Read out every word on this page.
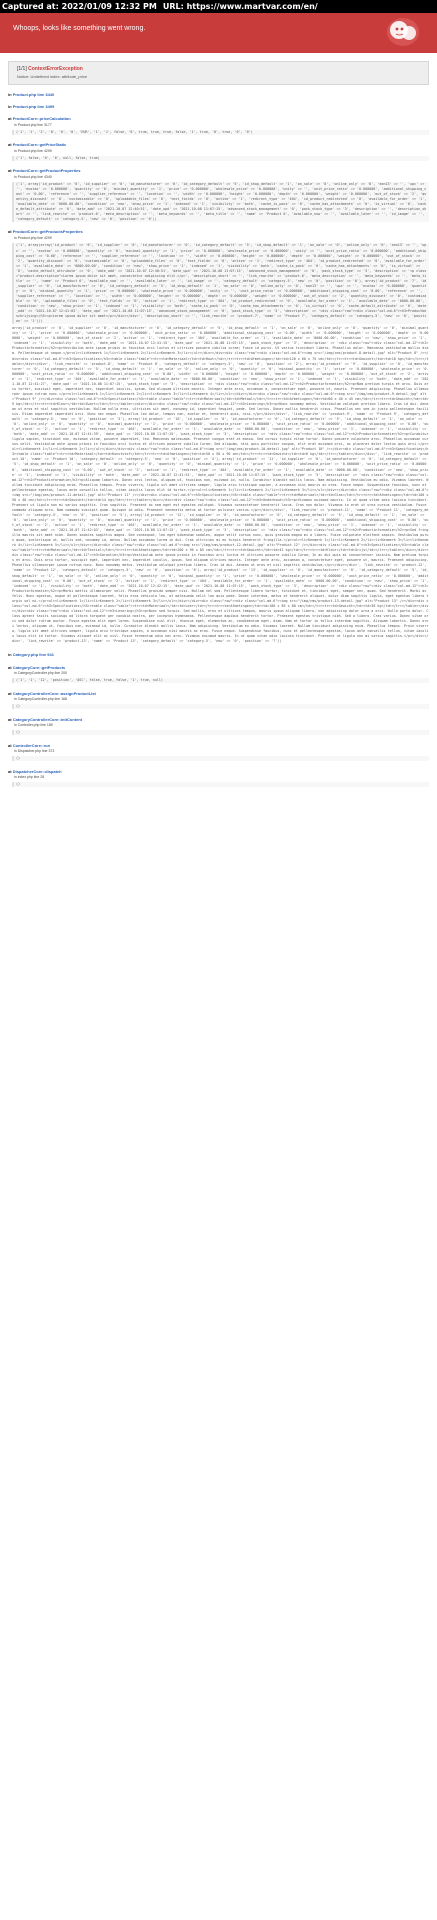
Captured at:
2022/01/09 12:32 PM URL:
https://www.martvar.com/en/
Whoops, looks like something went wrong.
[1/1] ContextErrorException
Notice: Undefined index: attribute_price
in Product.php line 3440
in Product.php line 3499
at ProductCore::priceCalculation
in Product.php line 3177
('1', '1', '2', '0', '0', '0', 'EUR', '1', '1', false, '6', true, true, true, false, '1', true, '0', true, '0', '0')
at ProductCore::getPriceStatic
in Product.php line 4299
('1', false, '0', '6', null, false, true)
at ProductCore::getProductProperties
in Product.php line 4340
('1', array('id_product' => '6', 'id_supplier' => '0', 'id_manufacturer' => '0', 'id_category_default' => '5', 'id_shop_default' => '1', 'on_sale' => '0', 'online_only' => '0', 'ean13' => '', 'upc' => '', 'ecotax' => '0.000000', 'quantity' => '0', 'minimal_quantity' => '1', 'price' => '0.000000', 'wholesale_price' => '0.000000', 'unity' => '', 'unit_price_ratio' => '0.000000', 'additional_shipping_cost' => '0.00', 'reference' => '', 'supplier_reference' => '', 'location' => '', 'width' => '0.000000', 'height' => '0.000000', 'depth' => '0.000000', 'weight' => '0.000000', 'out_of_stock' => '2', 'quantity_discount' => '0', 'customizable' => '0', 'uploadable_files' => '0', 'text_fields' => '0', 'active' => '1', 'redirect_type' => '404', 'id_product_redirected' => '0', 'available_for_order' => '1', 'available_date' => '0000-00-00', 'condition' => 'new', 'show_price' => '1', 'indexed' => '1', 'visibility' => 'both', 'cache_is_pack' => '0', 'cache_has_attachments' => '0', 'is_virtual' => '0', 'cache_default_attribute' => '0', 'date_add' => '2021-10-07 12:40:51', 'date_upd' => '2021-10-08 11:07:15', 'advanced_stock_management' => '0', 'pack_stock_type' => '3', 'description' => '', 'description_short' => '', 'link_rewrite' => 'product-6', 'meta_description' => '', 'meta_keywords' => '', 'meta_title' => '', 'name' => 'Product 6', 'available_now' => '', 'available_later' => '', 'id_image' => '', 'category_default' => 'category-5', 'new' => '0', 'position' => '0'))
at ProductCore::getProductsProperties
in Product.php line 4299
('1', array(array('id_product' => '6', 'id_supplier' => '0', 'id_manufacturer' => '0', 'id_category_default' => '5', 'id_shop_default' => '1', 'on_sale' => '0', 'online_only' => '0', 'ean13' => '', 'upc' => '', 'ecotax' => '0.000000', 'quantity' => '0', 'minimal_quantity' => '1', 'price' => '0.000000', 'wholesale_price' => '0.000000', 'unity' => '', 'unit_price_ratio' => '0.000000', 'additional_shipping_cost' => '0.00', 'reference' => '', 'supplier_reference' => '', 'location' => '', 'width' => '0.000000', 'height' => '0.000000', 'depth' => '0.000000', 'weight' => '0.000000', 'out_of_stock' => '2', 'quantity_discount' => '0', 'customizable' => '0', 'uploadable_files' => '0', 'text_fields' => '0', 'active' => '1', 'redirect_type' => '404', 'id_product_redirected' => '0', 'available_for_order' => '1', 'available_date' => '0000-00-00', 'condition' => 'new', 'show_price' => '1', 'indexed' => '1', 'visibility' => 'both', 'cache_is_pack' => '0', 'cache_has_attachments' => '0', 'is_virtual' => '0', 'cache_default_attribute' => '0', 'date_add' => '2021-10-07 12:40:51', 'date_upd' => '2021-10-08 11:07:15', 'advanced_stock_management' => '0', 'pack_stock_type' => '3', 'description' => '<p class="product-description">Lorem ipsum dolor sit amet, consectetur adipiscing elit.</p>', 'description_short' => '', 'link_rewrite' => 'product-6', 'meta_description' => '', 'meta_keywords' => '', 'meta_title' => '', 'name' => 'Product 6', 'available_now' => '', 'available_later' => '', 'id_image' => '', 'category_default' => 'category-5', 'new' => '0', 'position' => '0'), array('id_product' => '7', 'id_supplier' => '0', 'id_manufacturer' => '0', 'id_category_default' => '5', 'id_shop_default' => '1', 'on_sale' => '0', 'online_only' => '0', 'ean13' => '', 'upc' => '', 'ecotax' => '0.000000', 'quantity' => '0', 'minimal_quantity' => '1', 'price' => '0.000000', 'wholesale_price' => '0.000000', 'unity' => '', 'unit_price_ratio' => '0.000000', 'additional_shipping_cost' => '0.00', 'reference' => '', 'supplier_reference' => '', 'location' => '', 'width' => '0.000000', 'height' => '0.000000', 'depth' => '0.000000', 'weight' => '0.000000', 'out_of_stock' => '2', 'quantity_discount' => '0', 'customizable' => '0', 'uploadable_files' => '0', 'text_fields' => '0', 'active' => '1', 'redirect_type' => '404', 'id_product_redirected' => '0', 'available_for_order' => '1', 'available_date' => '0000-00-00', 'condition' => 'new', 'show_price' => '1', 'indexed' => '1', 'visibility' => 'both', 'cache_is_pack' => '0', 'cache_has_attachments' => '0', 'is_virtual' => '0', 'cache_default_attribute' => '0', 'date_add' => '2021-10-07 12:41:03', 'date_upd' => '2021-10-08 11:07:15', 'advanced_stock_management' => '0', 'pack_stock_type' => '3', 'description' => '<div class="row"><div class="col-md-6"><h3>Productbeschrijving</h3><p>Lorem ipsum dolor sit amet</p></div></div>', 'description_short' => '', 'link_rewrite' => 'product-7', 'name' => 'Product 7', 'category_default' => 'category-5', 'new' => '0', 'position' => '1')))
array('id_product' => '8', 'id_supplier' => '0', 'id_manufacturer' => '0', 'id_category_default' => '5', 'id_shop_default' => '1', 'on_sale' => '0', 'online_only' => '0', 'quantity' => '0', 'minimal_quantity' => '1', 'price' => '0.000000', 'wholesale_price' => '0.000000', 'unit_price_ratio' => '0.000000', 'additional_shipping_cost' => '0.00', 'width' => '0.000000', 'height' => '0.000000', 'depth' => '0.000000', 'weight' => '0.000000', 'out_of_stock' => '2', 'active' => '1', 'redirect_type' => '404', 'available_for_order' => '1', 'available_date' => '0000-00-00', 'condition' => 'new', 'show_price' => '1', 'indexed' => '1', 'visibility' => 'both', 'date_add' => '2021-10-07 12:41:15', 'date_upd' => '2021-10-08 11:07:15', 'pack_stock_type' => '3', 'description' => '<div class="row"><div class="col-md-12"><h2>Productinformatie</h2><p>Vestibulum ante ipsum primis in faucibus orci luctus et ultrices posuere cubilia curae; Fusce id purus. Ut varius tincidunt libero. Phasellus dolor. Maecenas vestibulum mollis diam. Pellentesque ut neque.</p><ul><li>Kenmerk 1</li><li>Kenmerk 2</li><li>Kenmerk 3</li></ul></div></div><div class="row"><div class="col-md-6"><img src="/img/cms/product-8-detail.jpg" alt="Product 8" /></div><div class="col-md-6"><h3>Specificaties</h3><table class="table"><tr><td>Materiaal</td><td>Hout</td></tr><tr><td>Afmetingen</td><td>120 x 60 x 75 cm</td></tr><tr><td>Gewicht</td><td>18 kg</td></tr></table></div></div>', 'link_rewrite' => 'product-8', 'name' => 'Product 8', 'category_default' => 'category-5', 'new' => '0', 'position' => '2'), array('id_product' => '9', 'id_supplier' => '0', 'id_manufacturer' => '0', 'id_category_default' => '5', 'id_shop_default' => '1', 'on_sale' => '0', 'online_only' => '0', 'quantity' => '0', 'minimal_quantity' => '1', 'price' => '0.000000', 'wholesale_price' => '0.000000', 'unit_price_ratio' => '0.000000', 'additional_shipping_cost' => '0.00', 'width' => '0.000000', 'height' => '0.000000', 'depth' => '0.000000', 'weight' => '0.000000', 'out_of_stock' => '2', 'active' => '1', 'redirect_type' => '404', 'available_for_order' => '1', 'available_date' => '0000-00-00', 'condition' => 'new', 'show_price' => '1', 'indexed' => '1', 'visibility' => 'both', 'date_add' => '2021-10-07 12:41:27', 'date_upd' => '2021-10-08 11:07:15', 'pack_stock_type' => '3', 'description' => '<div class="row"><div class="col-md-12"><h2>Productinformatie</h2><p>Nam pretium turpis et arcu. Duis arcu tortor, suscipit eget, imperdiet nec, imperdiet iaculis, ipsum. Sed aliquam ultrices mauris. Integer ante arcu, accumsan a, consectetuer eget, posuere ut, mauris. Praesent adipiscing. Phasellus ullamcorper ipsum rutrum nunc.</p><ul><li>Kenmerk 1</li><li>Kenmerk 2</li><li>Kenmerk 3</li><li>Kenmerk 4</li></ul></div></div><div class="row"><div class="col-md-6"><img src="/img/cms/product-9-detail.jpg" alt="Product 9" /></div><div class="col-md-6"><h3>Specificaties</h3><table class="table"><tr><td>Materiaal</td><td>Metaal</td></tr><tr><td>Afmetingen</td><td>80 x 40 x 45 cm</td></tr><tr><td>Gewicht</td><td>9 kg</td></tr><tr><td>Kleur</td><td>Zwart</td></tr></table></div></div><div class="row"><div class="col-md-12"><h3>Levering</h3><p>Nunc nonummy metus. Vestibulum volutpat pretium libero. Cras id dui. Aenean ut eros et nisl sagittis vestibulum. Nullam nulla eros, ultricies sit amet, nonummy id, imperdiet feugiat, pede. Sed lectus. Donec mollis hendrerit risus. Phasellus nec sem in justo pellentesque facilisis. Etiam imperdiet imperdiet orci. Nunc nec neque. Phasellus leo dolor, tempus non, auctor et, hendrerit quis, nisi.</p></div></div>', 'link_rewrite' => 'product-9', 'name' => 'Product 9', 'category_default' => 'category-5', 'new' => '0', 'position' => '3'), array('id_product' => '10', 'id_supplier' => '0', 'id_manufacturer' => '0', 'id_category_default' => '5', 'id_shop_default' => '1', 'on_sale' => '0', 'online_only' => '0', 'quantity' => '0', 'minimal_quantity' => '1', 'price' => '0.000000', 'wholesale_price' => '0.000000', 'unit_price_ratio' => '0.000000', 'additional_shipping_cost' => '0.00', 'out_of_stock' => '2', 'active' => '1', 'redirect_type' => '404', 'available_for_order' => '1', 'available_date' => '0000-00-00', 'condition' => 'new', 'show_price' => '1', 'indexed' => '1', 'visibility' => 'both', 'date_add' => '2021-10-07 12:41:39', 'date_upd' => '2021-10-08 11:07:15', 'pack_stock_type' => '3', 'description' => '<div class="row"><div class="col-md-12"><h2>Productinformatie</h2><p>Curabitur ligula sapien, tincidunt non, euismod vitae, posuere imperdiet, leo. Maecenas malesuada. Praesent congue erat at massa. Sed cursus turpis vitae tortor. Donec posuere vulputate arcu. Phasellus accumsan cursus velit. Vestibulum ante ipsum primis in faucibus orci luctus et ultrices posuere cubilia Curae; Sed aliquam, nisi quis porttitor congue, elit erat euismod orci, ac placerat dolor lectus quis orci.</p><ul><li>Kenmerk 1</li><li>Kenmerk 2</li></ul></div></div><div class="row"><div class="col-md-6"><img src="/img/cms/product-10-detail.jpg" alt="Product 10" /></div><div class="col-md-6"><h3>Specificaties</h3><table class="table"><tr><td>Materiaal</td><td>Kunststof</td></tr><tr><td>Afmetingen</td><td>50 x 50 x 90 cm</td></tr><tr><td>Gewicht</td><td>6 kg</td></tr></table></div></div>', 'link_rewrite' => 'product-10', 'name' => 'Product 10', 'category_default' => 'category-5', 'new' => '0', 'position' => '4'), array('id_product' => '11', 'id_supplier' => '0', 'id_manufacturer' => '0', 'id_category_default' => '5', 'id_shop_default' => '1', 'on_sale' => '0', 'online_only' => '0', 'quantity' => '0', 'minimal_quantity' => '1', 'price' => '0.000000', 'wholesale_price' => '0.000000', 'unit_price_ratio' => '0.000000', 'additional_shipping_cost' => '0.00', 'out_of_stock' => '2', 'active' => '1', 'redirect_type' => '404', 'available_for_order' => '1', 'available_date' => '0000-00-00', 'condition' => 'new', 'show_price' => '1', 'indexed' => '1', 'visibility' => 'both', 'date_add' => '2021-10-07 12:41:51', 'date_upd' => '2021-10-08 11:07:15', 'pack_stock_type' => '3', 'description' => '<div class="row"><div class="col-md-12"><h2>Productinformatie</h2><p>Aliquam lobortis. Donec orci lectus, aliquam ut, faucibus non, euismod id, nulla. Curabitur blandit mollis lacus. Nam adipiscing. Vestibulum eu odio. Vivamus laoreet. Nullam tincidunt adipiscing enim. Phasellus tempus. Proin viverra, ligula sit amet ultrices semper, ligula arcu tristique sapien, a accumsan nisi mauris ac eros. Fusce neque. Suspendisse faucibus, nunc et pellentesque egestas, lacus ante convallis tellus, vitae iaculis lacus elit id tortor.</p><ul><li>Kenmerk 1</li><li>Kenmerk 2</li><li>Kenmerk 3</li></ul></div></div><div class="row"><div class="col-md-6"><img src="/img/cms/product-11-detail.jpg" alt="Product 11" /></div><div class="col-md-6"><h3>Specificaties</h3><table class="table"><tr><td>Materiaal</td><td>Glas</td></tr><tr><td>Afmetingen</td><td>100 x 50 x 40 cm</td></tr><tr><td>Gewicht</td><td>14 kg</td></tr></table></div></div><div class="row"><div class="col-md-12"><h3>Onderhoud</h3><p>Vivamus euismod mauris. In ut quam vitae odio lacinia tincidunt. Praesent ut ligula non mi varius sagittis. Cras sagittis. Praesent ac sem eget est egestas volutpat. Vivamus consectetuer hendrerit lacus. Cras non dolor. Vivamus in erat ut urna cursus vestibulum. Fusce commodo aliquam arcu. Nam commodo suscipit quam. Quisque id odio. Praesent venenatis metus at tortor pulvinar varius.</p></div></div>', 'link_rewrite' => 'product-11', 'name' => 'Product 11', 'category_default' => 'category-5', 'new' => '0', 'position' => '5'), array('id_product' => '12', 'id_supplier' => '0', 'id_manufacturer' => '0', 'id_category_default' => '5', 'id_shop_default' => '1', 'on_sale' => '0', 'online_only' => '0', 'quantity' => '0', 'minimal_quantity' => '1', 'price' => '0.000000', 'wholesale_price' => '0.000000', 'unit_price_ratio' => '0.000000', 'additional_shipping_cost' => '0.00', 'out_of_stock' => '2', 'active' => '1', 'redirect_type' => '404', 'available_for_order' => '1', 'available_date' => '0000-00-00', 'condition' => 'new', 'show_price' => '1', 'indexed' => '1', 'visibility' => 'both', 'date_add' => '2021-10-07 12:42:03', 'date_upd' => '2021-10-08 11:07:15', 'pack_stock_type' => '3', 'description' => '<div class="row"><div class="col-md-12"><h2>Productinformatie</h2><p>Sed fringilla mauris sit amet nibh. Donec sodales sagittis magna. Sed consequat, leo eget bibendum sodales, augue velit cursus nunc, quis gravida magna mi a libero. Fusce vulputate eleifend sapien. Vestibulum purus quam, scelerisque ut, mollis sed, nonummy id, metus. Nullam accumsan lorem in dui. Cras ultricies mi eu turpis hendrerit fringilla.</p><ul><li>Kenmerk 1</li><li>Kenmerk 2</li><li>Kenmerk 3</li><li>Kenmerk 4</li><li>Kenmerk 5</li></ul></div></div><div class="row"><div class="col-md-6"><img src="/img/cms/product-12-detail.jpg" alt="Product 12" /></div><div class="col-md-6"><h3>Specificaties</h3><table class="table"><tr><td>Materiaal</td><td>Textiel</td></tr><tr><td>Afmetingen</td><td>200 x 90 x 85 cm</td></tr><tr><td>Gewicht</td><td>42 kg</td></tr><tr><td>Kleur</td><td>Grijs</td></tr></table></div></div><div class="row"><div class="col-md-12"><h3>Garantie</h3><p>Vestibulum ante ipsum primis in faucibus orci luctus et ultrices posuere cubilia Curae; In ac dui quis mi consectetuer lacinia. Nam pretium turpis et arcu. Duis arcu tortor, suscipit eget, imperdiet nec, imperdiet iaculis, ipsum. Sed aliquam ultrices mauris. Integer ante arcu, accumsan a, consectetuer eget, posuere ut, mauris. Praesent adipiscing. Phasellus ullamcorper ipsum rutrum nunc. Nunc nonummy metus. Vestibulum volutpat pretium libero. Cras id dui. Aenean ut eros et nisl sagittis vestibulum.</p></div></div>', 'link_rewrite' => 'product-12', 'name' => 'Product 12', 'category_default' => 'category-5', 'new' => '0', 'position' => '6'), array('id_product' => '13', 'id_supplier' => '0', 'id_manufacturer' => '0', 'id_category_default' => '5', 'id_shop_default' => '1', 'on_sale' => '0', 'online_only' => '0', 'quantity' => '0', 'minimal_quantity' => '1', 'price' => '0.000000', 'wholesale_price' => '0.000000', 'unit_price_ratio' => '0.000000', 'additional_shipping_cost' => '0.00', 'out_of_stock' => '2', 'active' => '1', 'redirect_type' => '404', 'available_for_order' => '1', 'available_date' => '0000-00-00', 'condition' => 'new', 'show_price' => '1', 'indexed' => '1', 'visibility' => 'both', 'date_add' => '2021-10-07 12:42:15', 'date_upd' => '2021-10-08 11:07:15', 'pack_stock_type' => '3', 'description' => '<div class="row"><div class="col-md-12"><h2>Productinformatie</h2><p>Morbi mattis ullamcorper velit. Phasellus gravida semper nisi. Nullam vel sem. Pellentesque libero tortor, tincidunt et, tincidunt eget, semper nec, quam. Sed hendrerit. Morbi ac felis. Nunc egestas, augue at pellentesque laoreet, felis eros vehicula leo, at malesuada velit leo quis pede. Donec interdum, metus et hendrerit aliquet, dolor diam sagittis ligula, eget egestas libero turpis vel mi.</p><ul><li>Kenmerk 1</li><li>Kenmerk 2</li><li>Kenmerk 3</li></ul></div></div><div class="row"><div class="col-md-6"><img src="/img/cms/product-13-detail.jpg" alt="Product 13" /></div><div class="col-md-6"><h3>Specificaties</h3><table class="table"><tr><td>Materiaal</td><td>Leer</td></tr><tr><td>Afmetingen</td><td>180 x 85 x 80 cm</td></tr><tr><td>Gewicht</td><td>38 kg</td></tr></table></div></div><div class="row"><div class="col-md-12"><h3>Levering</h3><p>Nunc sed turpis. Sed mollis, eros et ultrices tempus, mauris ipsum aliquam libero, non adipiscing dolor urna a orci. Nulla porta dolor. Class aptent taciti sociosqu ad litora torquent per conubia nostra, per inceptos hymenaeos. Pellentesque dapibus hendrerit tortor. Praesent egestas tristique nibh. Sed a libero. Cras varius. Donec vitae orci sed dolor rutrum auctor. Fusce egestas elit eget lorem. Suspendisse nisl elit, rhoncus eget, elementum ac, condimentum eget, diam. Nam at tortor in tellus interdum sagittis. Aliquam lobortis. Donec orci lectus, aliquam ut, faucibus non, euismod id, nulla. Curabitur blandit mollis lacus. Nam adipiscing. Vestibulum eu odio. Vivamus laoreet. Nullam tincidunt adipiscing enim. Phasellus tempus. Proin viverra, ligula sit amet ultrices semper, ligula arcu tristique sapien, a accumsan nisi mauris ac eros. Fusce neque. Suspendisse faucibus, nunc et pellentesque egestas, lacus ante convallis tellus, vitae iaculis lacus elit id tortor. Vivamus aliquet elit ac nisl. Fusce fermentum odio nec arcu. Vivamus euismod mauris. In ut quam vitae odio lacinia tincidunt. Praesent ut ligula non mi varius sagittis.</p></div></div>', 'link_rewrite' => 'product-13', 'name' => 'Product 13', 'category_default' => 'category-5', 'new' => '0', 'position' => '7'))
in Category.php line 941
at CategoryCore::getProducts
in CategoryController.php line 200
('1', '1', '12', 'position', 'ASC', false, true, false, '1', true, null)
at CategoryControllerCore::assignProductList
in CategoryController.php line 168
()
at CategoryControllerCore::initContent
in Controller.php line 189
()
at ControllerCore::run
in Dispatcher.php line 373
()
at DispatcherCore::dispatch
in index.php line 28
()
